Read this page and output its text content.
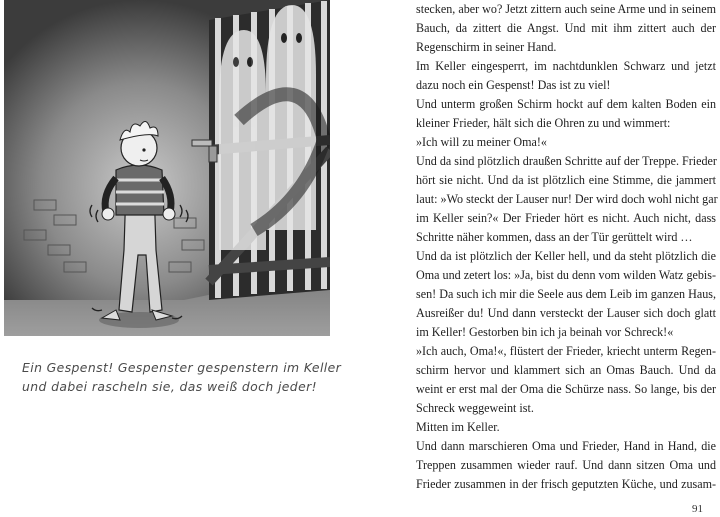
Ein Gespenst! Gespenster gespenstern im Keller
und dabei rascheln sie, das weiß doch jeder!
stecken, aber wo? Jetzt zittern auch seine Arme und in seinem
Bauch, da zittert die Angst. Und mit ihm zittert auch der
Regenschirm in seiner Hand.
Im Keller eingesperrt, im nachtdunklen Schwarz und jetzt
dazu noch ein Gespenst! Das ist zu viel!
Und unterm großen Schirm hockt auf dem kalten Boden ein
kleiner Frieder, hält sich die Ohren zu und wimmert:
»Ich will zu meiner Oma!«
Und da sind plötzlich draußen Schritte auf der Treppe. Frieder
hört sie nicht. Und da ist plötzlich eine Stimme, die jammert
laut: »Wo steckt der Lauser nur! Der wird doch wohl nicht gar
im Keller sein?« Der Frieder hört es nicht. Auch nicht, dass
Schritte näher kommen, dass an der Tür gerüttelt wird …
Und da ist plötzlich der Keller hell, und da steht plötzlich die
Oma und zetert los: »Ja, bist du denn vom wilden Watz gebis-
sen! Da such ich mir die Seele aus dem Leib im ganzen Haus,
Ausreißer du! Und dann versteckt der Lauser sich doch glatt
im Keller! Gestorben bin ich ja beinah vor Schreck!«
»Ich auch, Oma!«, flüstert der Frieder, kriecht unterm Regen-
schirm hervor und klammert sich an Omas Bauch. Und da
weint er erst mal der Oma die Schürze nass. So lange, bis der
Schreck weggeweint ist.
Mitten im Keller.
Und dann marschieren Oma und Frieder, Hand in Hand, die
Treppen zusammen wieder rauf. Und dann sitzen Oma und
Frieder zusammen in der frisch geputzten Küche, und zusam-
91
